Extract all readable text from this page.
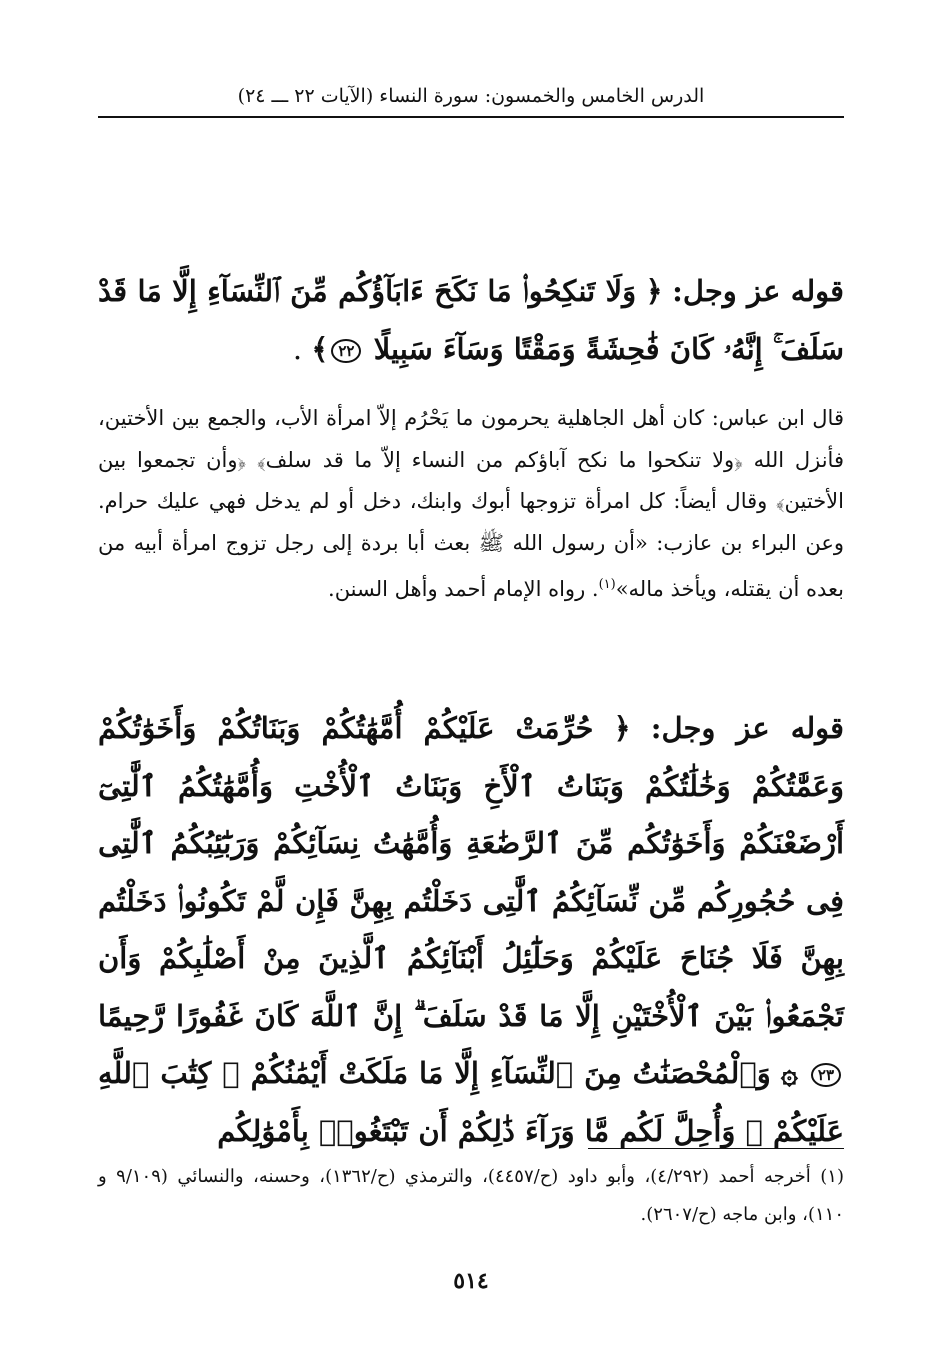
الدرس الخامس والخمسون: سورة النساء (الآيات ٢٢ ـــ ٢٤)
قوله عز وجل: ﴿ وَلَا تَنكِحُوا۟ مَا نَكَحَ ءَابَآؤُكُم مِّنَ ٱلنِّسَآءِ إِلَّا مَا قَدْ سَلَفَ ۚ إِنَّهُۥ كَانَ فَٰحِشَةً وَمَقْتًا وَسَآءَ سَبِيلًا ٢٢﴾ .
قال ابن عباس: كان أهل الجاهلية يحرمون ما يَحْرُم إلاّ امرأة الأب، والجمع بين الأختين، فأنزل الله ﴿ولا تنكحوا ما نكح آباؤكم من النساء إلاّ ما قد سلف﴾ ﴿وأن تجمعوا بين الأختين﴾ وقال أيضاً: كل امرأة تزوجها أبوك وابنك، دخل أو لم يدخل فهي عليك حرام. وعن البراء بن عازب: «أن رسول الله ﷺ بعث أبا بردة إلى رجل تزوج امرأة أبيه من بعده أن يقتله، ويأخذ ماله»$^{(١)}$. رواه الإمام أحمد وأهل السنن.
قوله عز وجل: ﴿ حُرِّمَتْ عَلَيْكُمْ أُمَّهَٰتُكُمْ وَبَنَاتُكُمْ وَأَخَوَٰتُكُمْ وَعَمَّٰتُكُمْ وَخَٰلَٰتُكُمْ وَبَنَاتُ ٱلْأَخِ وَبَنَاتُ ٱلْأُخْتِ وَأُمَّهَٰتُكُمُ ٱلَّٰتِىٓ أَرْضَعْنَكُمْ وَأَخَوَٰتُكُم مِّنَ ٱلرَّضَٰعَةِ وَأُمَّهَٰتُ نِسَآئِكُمْ وَرَبَٰٓئِبُكُمُ ٱلَّٰتِى فِى حُجُورِكُم مِّن نِّسَآئِكُمُ ٱلَّٰتِى دَخَلْتُم بِهِنَّ فَإِن لَّمْ تَكُونُوا۟ دَخَلْتُم بِهِنَّ فَلَا جُنَاحَ عَلَيْكُمْ وَحَلَٰٓئِلُ أَبْنَآئِكُمُ ٱلَّذِينَ مِنْ أَصْلَٰبِكُمْ وَأَن تَجْمَعُوا۟ بَيْنَ ٱلْأُخْتَيْنِ إِلَّا مَا قَدْ سَلَفَ ۗ إِنَّ ٱللَّهَ كَانَ غَفُورًا رَّحِيمًا ٢٣ ۞ وَٱلْمُحْصَنَٰتُ مِنَ ٱلنِّسَآءِ إِلَّا مَا مَلَكَتْ أَيْمَٰنُكُمْ ۖ كِتَٰبَ ٱللَّهِ عَلَيْكُمْ ۚ وَأُحِلَّ لَكُم مَّا وَرَآءَ ذَٰلِكُمْ أَن تَبْتَغُوا۟ بِأَمْوَٰلِكُم
(١) أخرجه أحمد (٤/٢٩٢)، وأبو داود (ح/٤٤٥٧)، والترمذي (ح/١٣٦٢)، وحسنه، والنسائي (٩/١٠٩ و ١١٠)، وابن ماجه (ح/٢٦٠٧).
٥١٤
